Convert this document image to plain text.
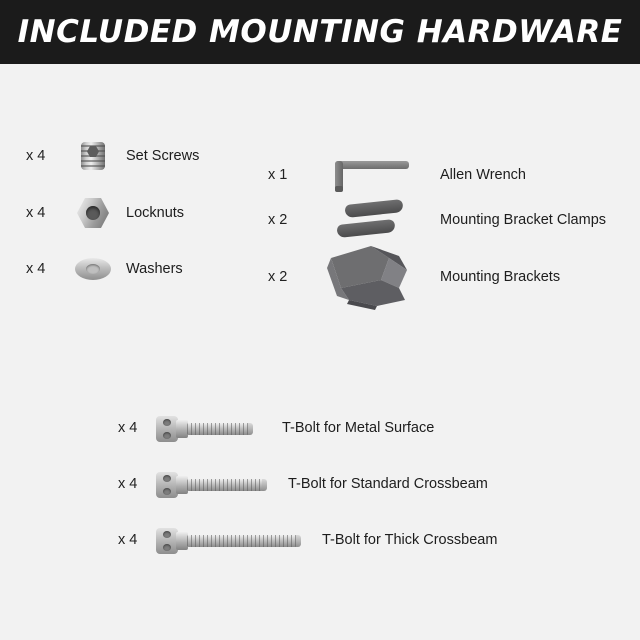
INCLUDED MOUNTING HARDWARE
x 4	Set Screws
x 4	Locknuts
x 4	Washers
x 1	Allen Wrench
x 2	Mounting Bracket Clamps
x 2	Mounting Brackets
x 4	T-Bolt for Metal Surface
x 4	T-Bolt for Standard Crossbeam
x 4	T-Bolt for Thick Crossbeam
